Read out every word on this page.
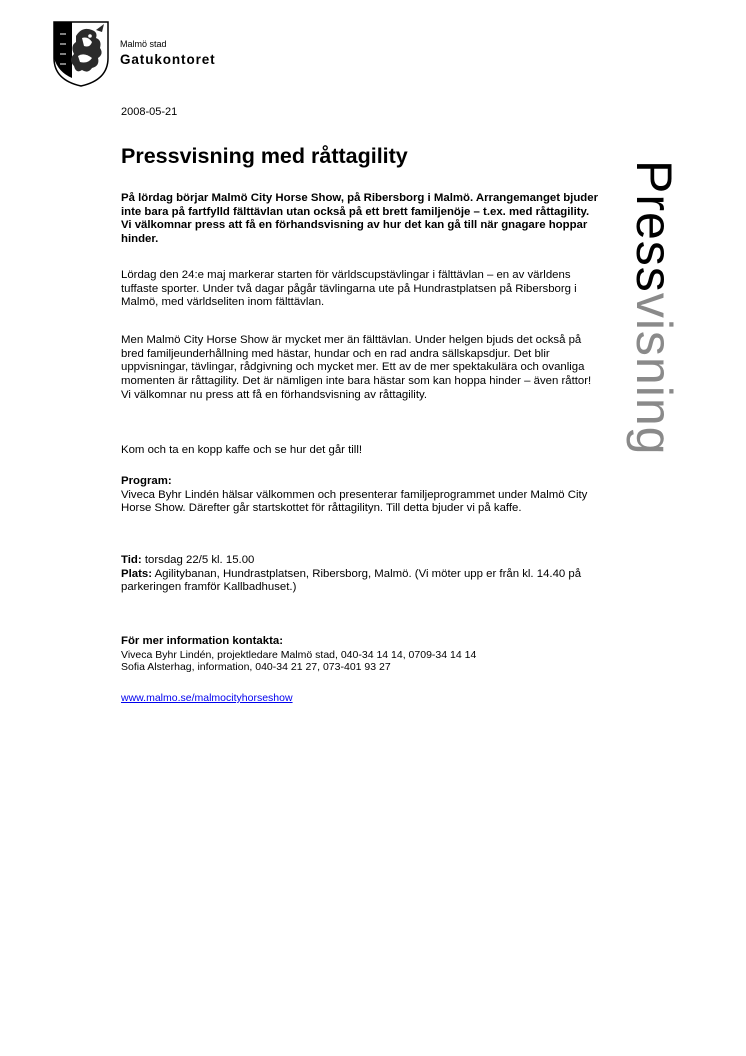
Malmö stad
Gatukontoret
2008-05-21
Pressvisning med råttagility

På lördag börjar Malmö City Horse Show, på Ribersborg i Malmö. Arrangemanget bjuder inte bara på fartfylld fälttävlan utan också på ett brett familjenöje – t.ex. med råttagility. Vi välkomnar press att få en förhandsvisning av hur det kan gå till när gnagare hoppar hinder.

Lördag den 24:e maj markerar starten för världscupstävlingar i fälttävlan – en av världens tuffaste sporter. Under två dagar pågår tävlingarna ute på Hundrastplatsen på Ribersborg i Malmö, med världseliten inom fälttävlan.

Men Malmö City Horse Show är mycket mer än fälttävlan. Under helgen bjuds det också på bred familjeunderhållning med hästar, hundar och en rad andra sällskapsdjur. Det blir uppvisningar, tävlingar, rådgivning och mycket mer. Ett av de mer spektakulära och ovanliga momenten är råttagility. Det är nämligen inte bara hästar som kan hoppa hinder – även råttor! Vi välkomnar nu press att få en förhandsvisning av råttagility.

Kom och ta en kopp kaffe och se hur det går till!

Program:
Viveca Byhr Lindén hälsar välkommen och presenterar familjeprogrammet under Malmö City Horse Show. Därefter går startskottet för råttagilityn. Till detta bjuder vi på kaffe.
Tid: torsdag 22/5 kl. 15.00
Plats: Agilitybanan, Hundrastplatsen, Ribersborg, Malmö. (Vi möter upp er från kl. 14.40 på parkeringen framför Kallbadhuset.)
För mer information kontakta:
Viveca Byhr Lindén, projektledare Malmö stad, 040-34 14 14, 0709-34 14 14
Sofia Alsterhag, information, 040-34 21 27, 073-401 93 27
www.malmo.se/malmocityhorseshow
Pressvisning
